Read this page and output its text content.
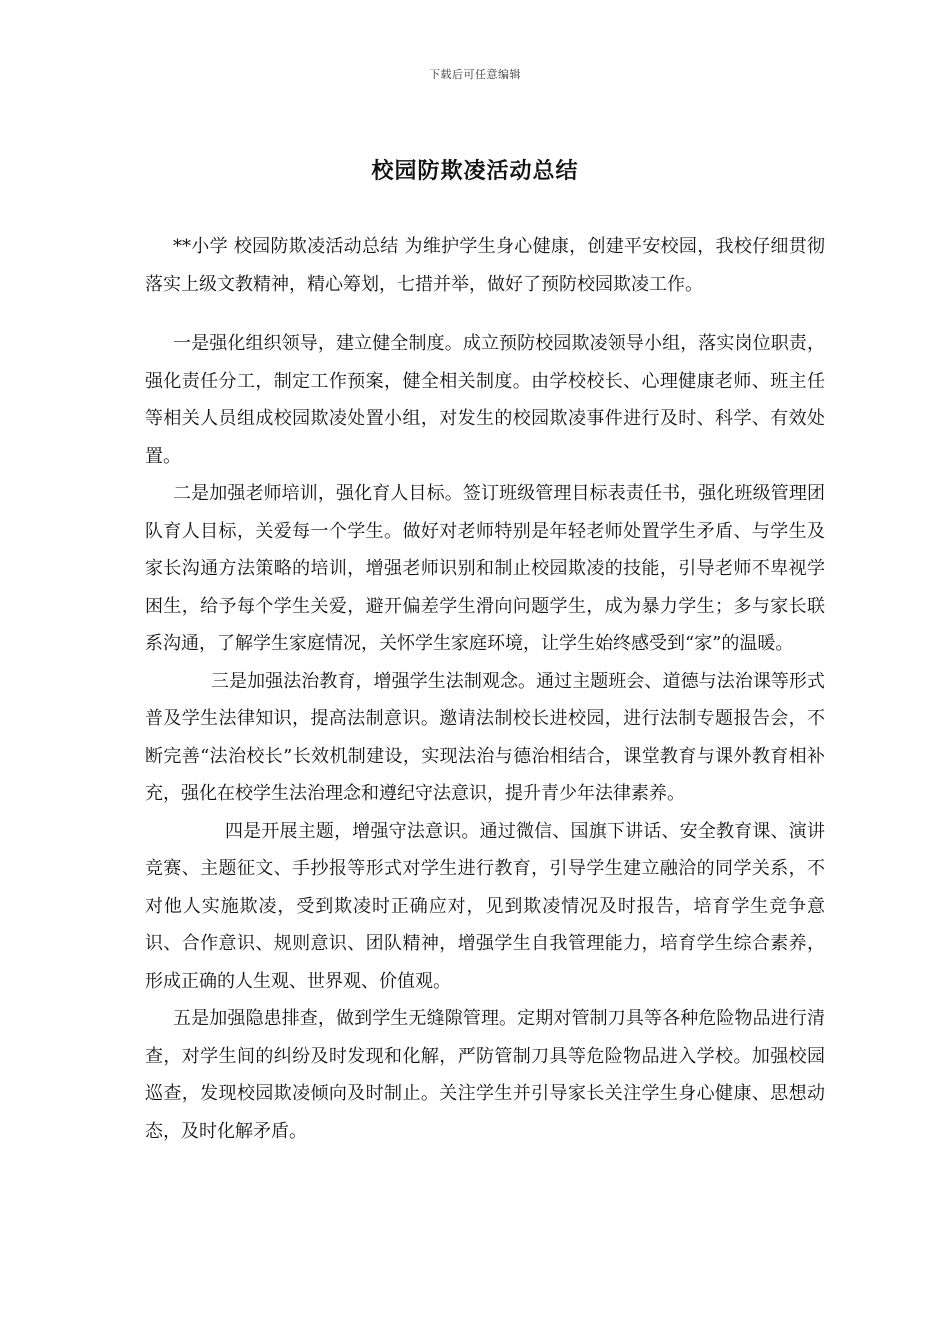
下载后可任意编辑
校园防欺凌活动总结

**小学 校园防欺凌活动总结 为维护学生身心健康，创建平安校园，我校仔细贯彻落实上级文教精神，精心筹划，七措并举，做好了预防校园欺凌工作。

一是强化组织领导，建立健全制度。成立预防校园欺凌领导小组，落实岗位职责，强化责任分工，制定工作预案，健全相关制度。由学校校长、心理健康老师、班主任等相关人员组成校园欺凌处置小组，对发生的校园欺凌事件进行及时、科学、有效处置。

二是加强老师培训，强化育人目标。签订班级管理目标表责任书，强化班级管理团队育人目标，关爱每一个学生。做好对老师特别是年轻老师处置学生矛盾、与学生及家长沟通方法策略的培训，增强老师识别和制止校园欺凌的技能，引导老师不卑视学困生，给予每个学生关爱，避开偏差学生滑向问题学生，成为暴力学生；多与家长联系沟通，了解学生家庭情况，关怀学生家庭环境，让学生始终感受到“家”的温暖。

三是加强法治教育，增强学生法制观念。通过主题班会、道德与法治课等形式普及学生法律知识，提高法制意识。邀请法制校长进校园，进行法制专题报告会，不断完善“法治校长”长效机制建设，实现法治与德治相结合，课堂教育与课外教育相补充，强化在校学生法治理念和遵纪守法意识，提升青少年法律素养。

四是开展主题，增强守法意识。通过微信、国旗下讲话、安全教育课、演讲竞赛、主题征文、手抄报等形式对学生进行教育，引导学生建立融洽的同学关系，不对他人实施欺凌，受到欺凌时正确应对，见到欺凌情况及时报告，培育学生竞争意识、合作意识、规则意识、团队精神，增强学生自我管理能力，培育学生综合素养，形成正确的人生观、世界观、价值观。

五是加强隐患排查，做到学生无缝隙管理。定期对管制刀具等各种危险物品进行清查，对学生间的纠纷及时发现和化解，严防管制刀具等危险物品进入学校。加强校园巡查，发现校园欺凌倾向及时制止。关注学生并引导家长关注学生身心健康、思想动态，及时化解矛盾。
